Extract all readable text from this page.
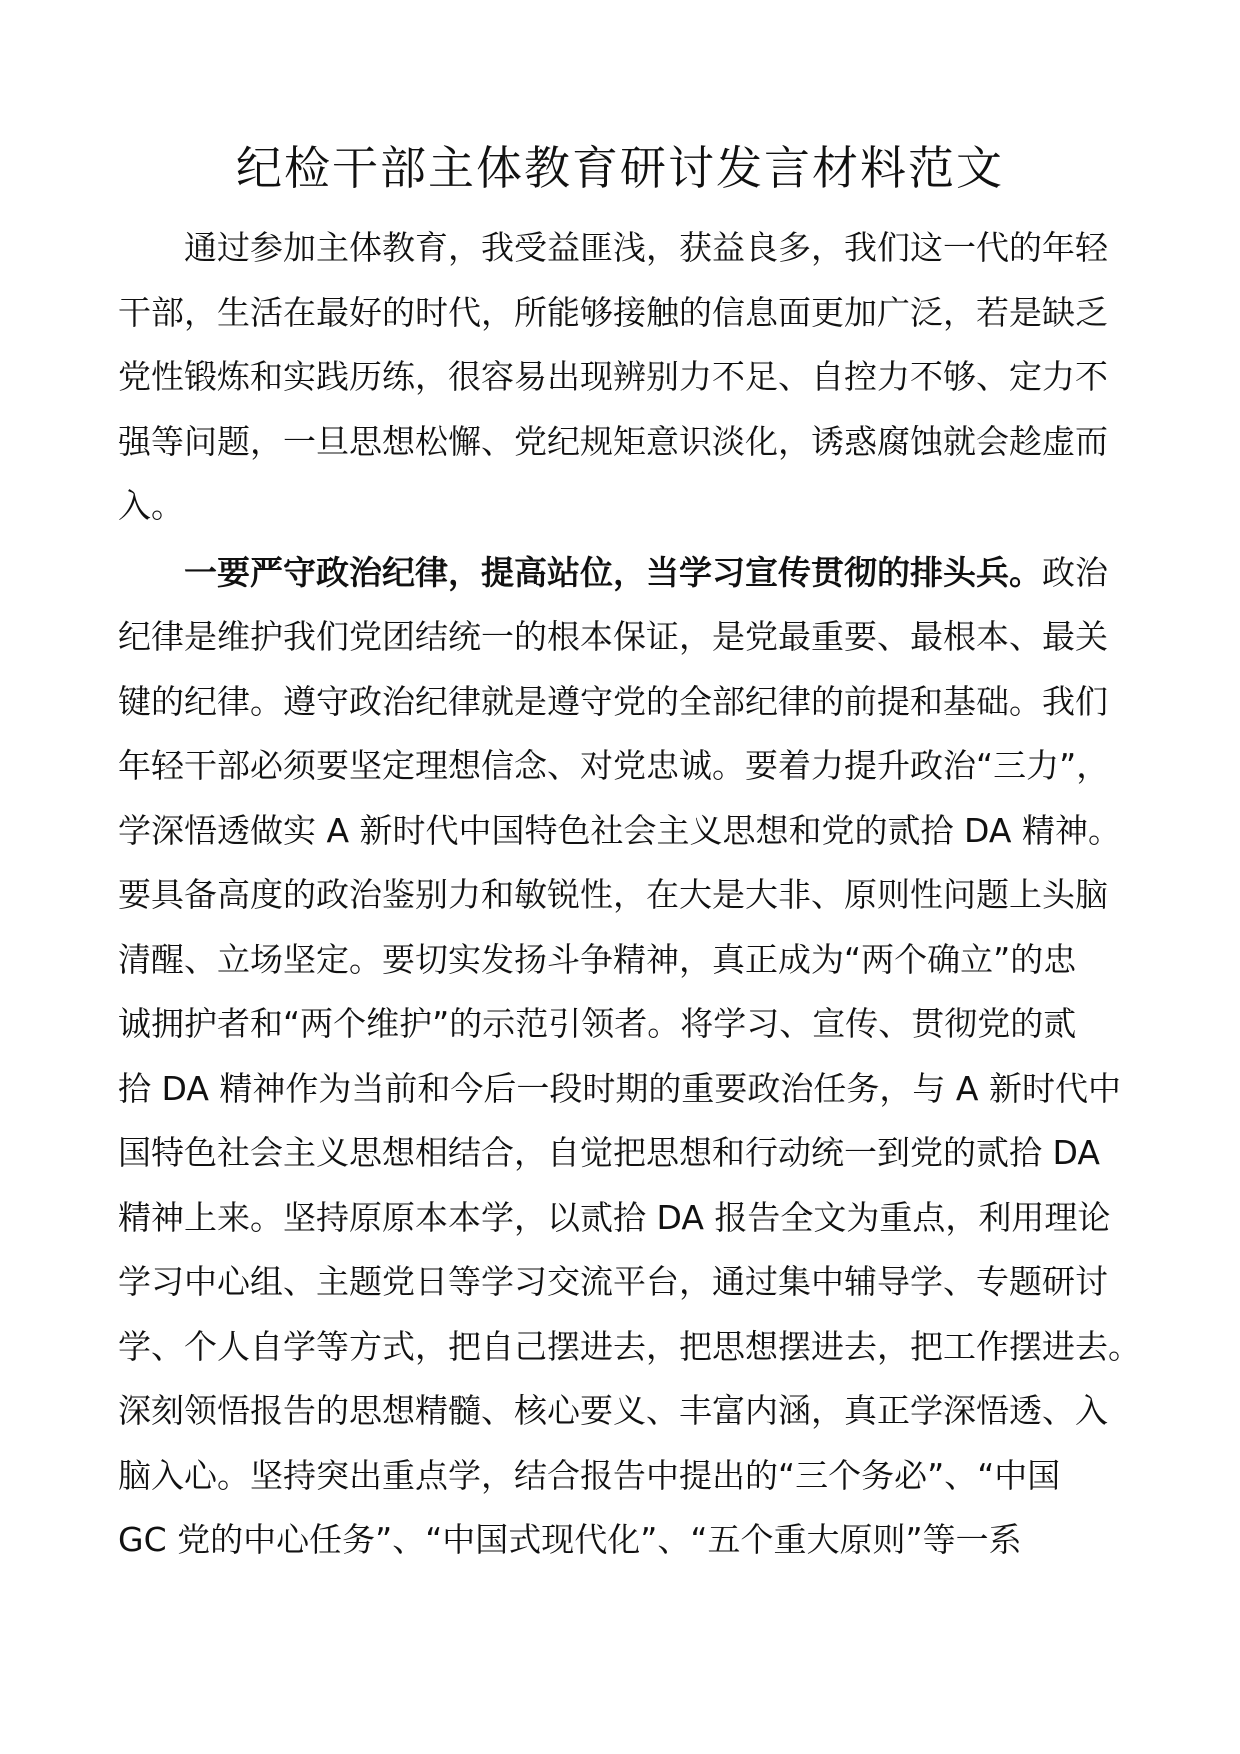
纪检干部主体教育研讨发言材料范文
通过参加主体教育，我受益匪浅，获益良多，我们这一代的年轻
干部，生活在最好的时代，所能够接触的信息面更加广泛，若是缺乏
党性锻炼和实践历练，很容易出现辨别力不足、自控力不够、定力不
强等问题，一旦思想松懈、党纪规矩意识淡化，诱惑腐蚀就会趁虚而
入。
一要严守政治纪律，提高站位，当学习宣传贯彻的排头兵。政治
纪律是维护我们党团结统一的根本保证，是党最重要、最根本、最关
键的纪律。遵守政治纪律就是遵守党的全部纪律的前提和基础。我们
年轻干部必须要坚定理想信念、对党忠诚。要着力提升政治“三力”，
学深悟透做实 A 新时代中国特色社会主义思想和党的贰拾 DA 精神。
要具备高度的政治鉴别力和敏锐性，在大是大非、原则性问题上头脑
清醒、立场坚定。要切实发扬斗争精神，真正成为“两个确立”的忠
诚拥护者和“两个维护”的示范引领者。将学习、宣传、贯彻党的贰
拾 DA 精神作为当前和今后一段时期的重要政治任务，与 A 新时代中
国特色社会主义思想相结合，自觉把思想和行动统一到党的贰拾 DA
精神上来。坚持原原本本学，以贰拾 DA 报告全文为重点，利用理论
学习中心组、主题党日等学习交流平台，通过集中辅导学、专题研讨
学、个人自学等方式，把自己摆进去，把思想摆进去，把工作摆进去。
深刻领悟报告的思想精髓、核心要义、丰富内涵，真正学深悟透、入
脑入心。坚持突出重点学，结合报告中提出的“三个务必”、“中国
GC 党的中心任务”、“中国式现代化”、“五个重大原则”等一系
